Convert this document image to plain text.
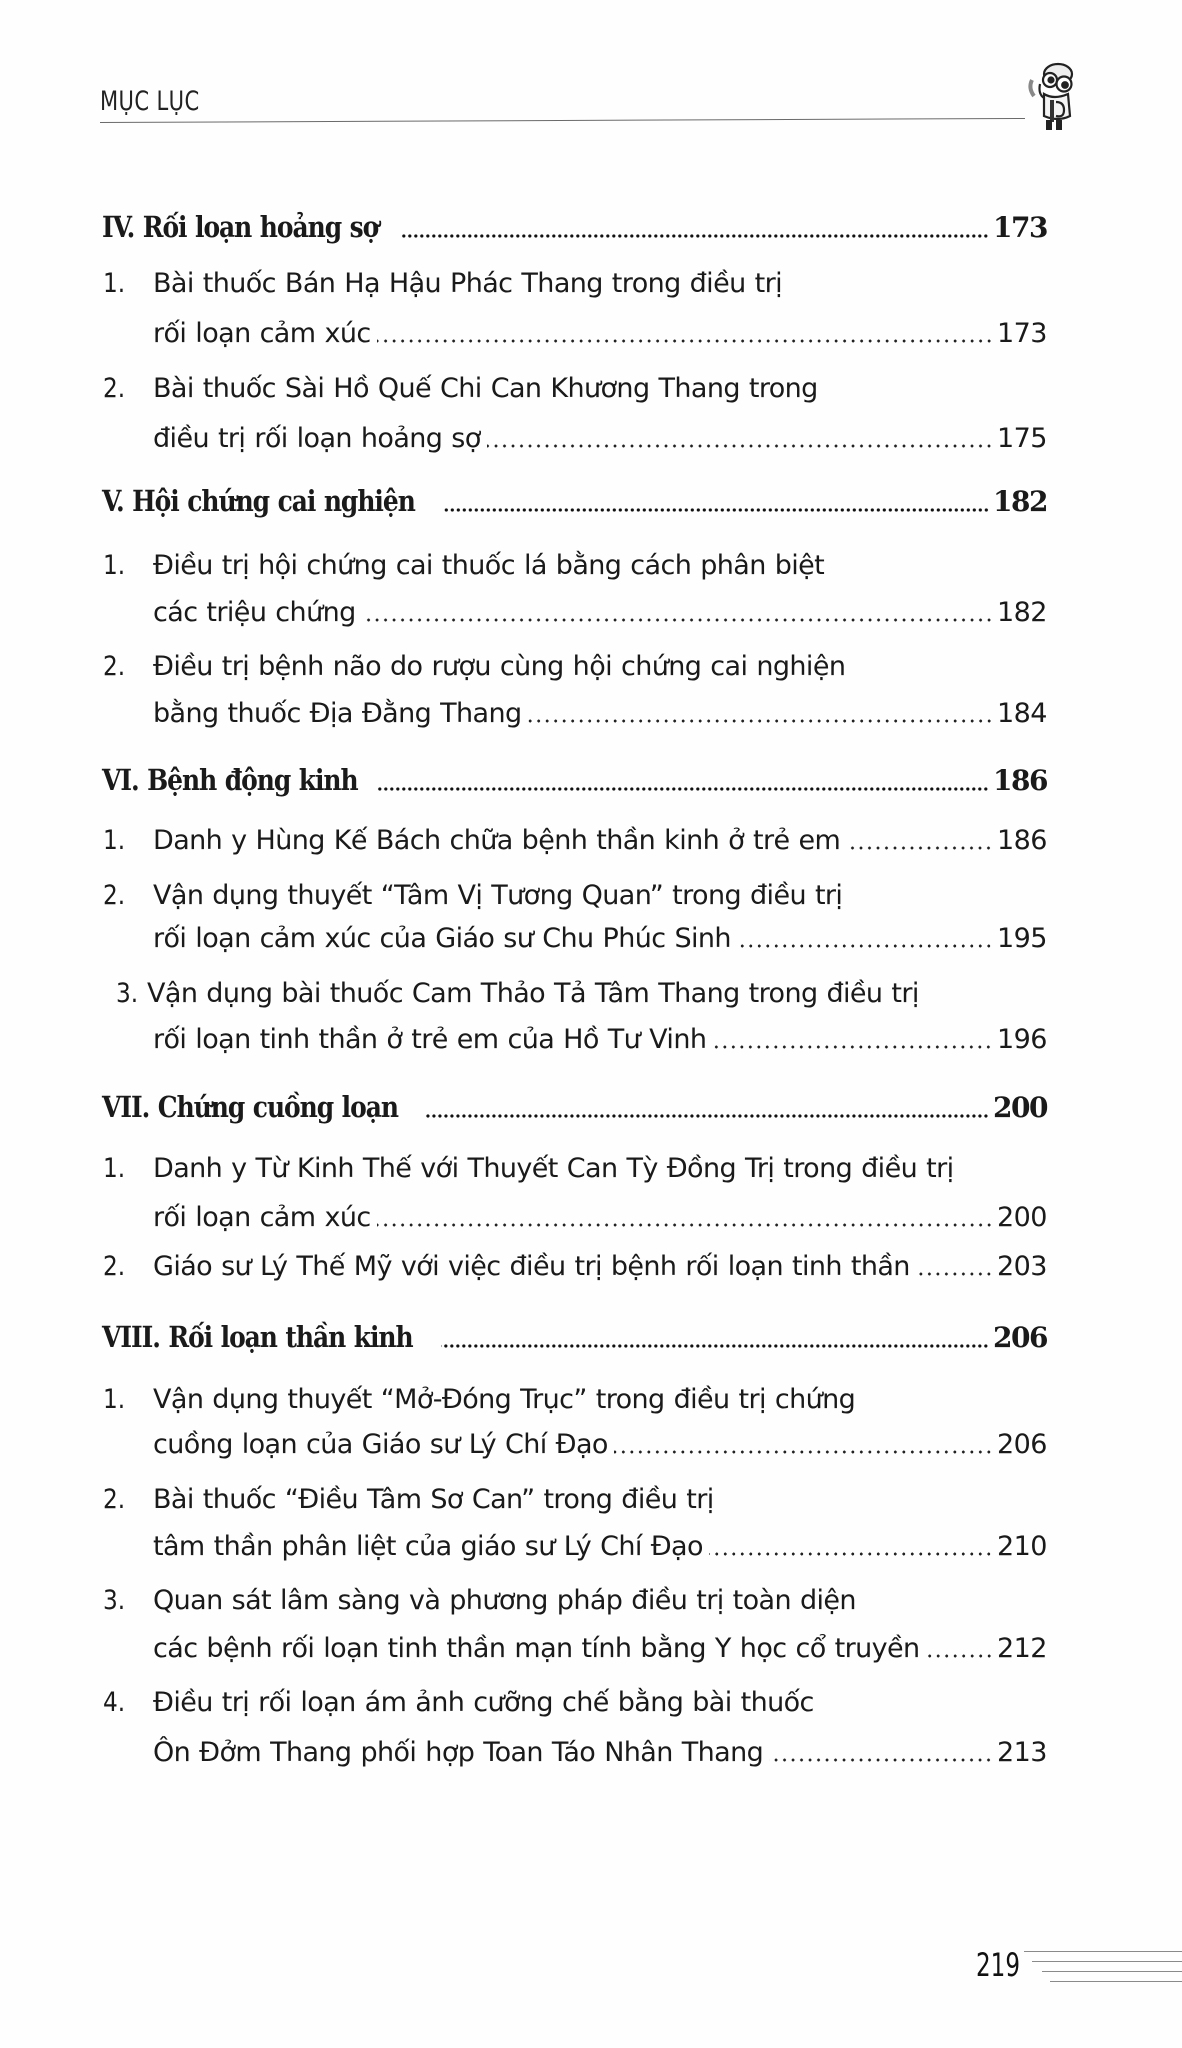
MỤC LỤC
IV. Rối loạn hoảng sợ	173
1. Bài thuốc Bán Hạ Hậu Phác Thang trong điều trị
rối loạn cảm xúc	173
2. Bài thuốc Sài Hồ Quế Chi Can Khương Thang trong
điều trị rối loạn hoảng sợ	175
V. Hội chứng cai nghiện	182
1. Điều trị hội chứng cai thuốc lá bằng cách phân biệt
các triệu chứng	182
2. Điều trị bệnh não do rượu cùng hội chứng cai nghiện
bằng thuốc Địa Đằng Thang	184
VI. Bệnh động kinh	186
1. Danh y Hùng Kế Bách chữa bệnh thần kinh ở trẻ em	186
2. Vận dụng thuyết “Tâm Vị Tương Quan” trong điều trị
rối loạn cảm xúc của Giáo sư Chu Phúc Sinh	195
3. Vận dụng bài thuốc Cam Thảo Tả Tâm Thang trong điều trị
rối loạn tinh thần ở trẻ em của Hồ Tư Vinh	196
VII. Chứng cuồng loạn	200
1. Danh y Từ Kinh Thế với Thuyết Can Tỳ Đồng Trị trong điều trị
rối loạn cảm xúc	200
2. Giáo sư Lý Thế Mỹ với việc điều trị bệnh rối loạn tinh thần	203
VIII. Rối loạn thần kinh	206
1. Vận dụng thuyết “Mở-Đóng Trục” trong điều trị chứng
cuồng loạn của Giáo sư Lý Chí Đạo	206
2. Bài thuốc “Điều Tâm Sơ Can” trong điều trị
tâm thần phân liệt của giáo sư Lý Chí Đạo	210
3. Quan sát lâm sàng và phương pháp điều trị toàn diện
các bệnh rối loạn tinh thần mạn tính bằng Y học cổ truyền	212
4. Điều trị rối loạn ám ảnh cưỡng chế bằng bài thuốc
Ôn Đởm Thang phối hợp Toan Táo Nhân Thang	213
219
